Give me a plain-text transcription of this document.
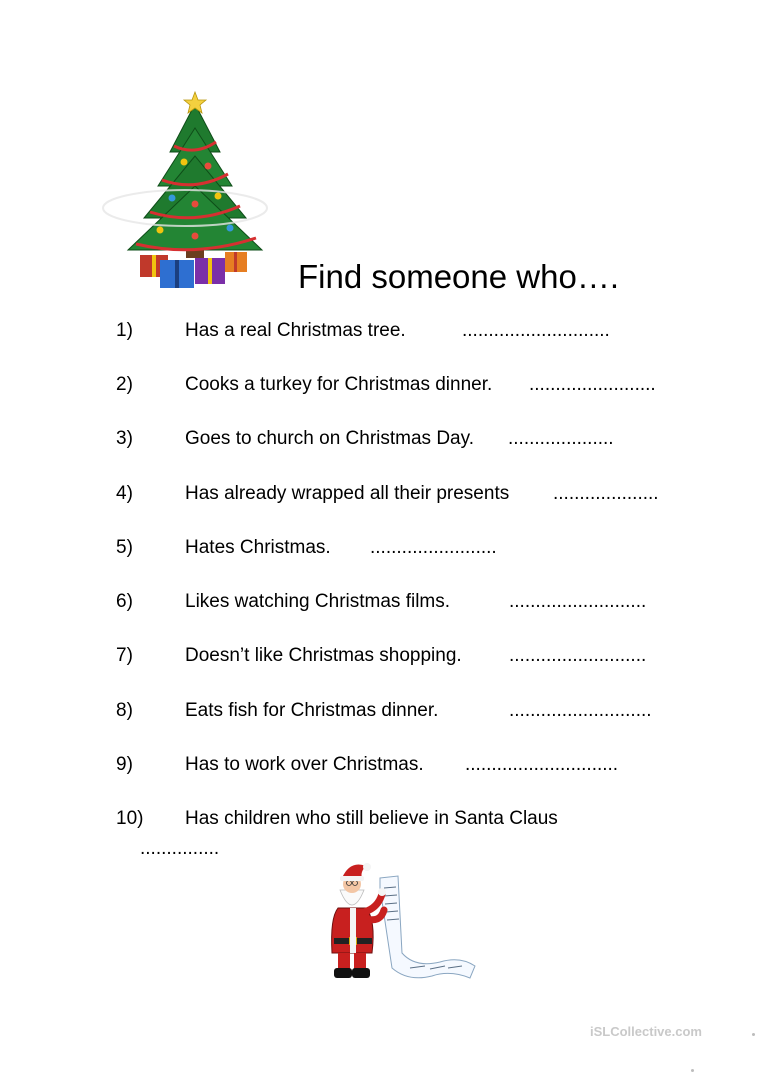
Find someone who….
1)	Has a real Christmas tree.	............................
2)	Cooks a turkey for Christmas dinner. ........................
3)	Goes to church on Christmas Day. ....................
4)	Has already wrapped all their presents ....................
5)	Hates Christmas. ........................
6)	Likes watching Christmas films.	..........................
7)	Doesn’t like Christmas shopping. ..........................
8)	Eats fish for Christmas dinner.	...........................
9)	Has to work over Christmas. .............................
10) Has children who still believe in Santa Claus
...............
iSLCollective.com
